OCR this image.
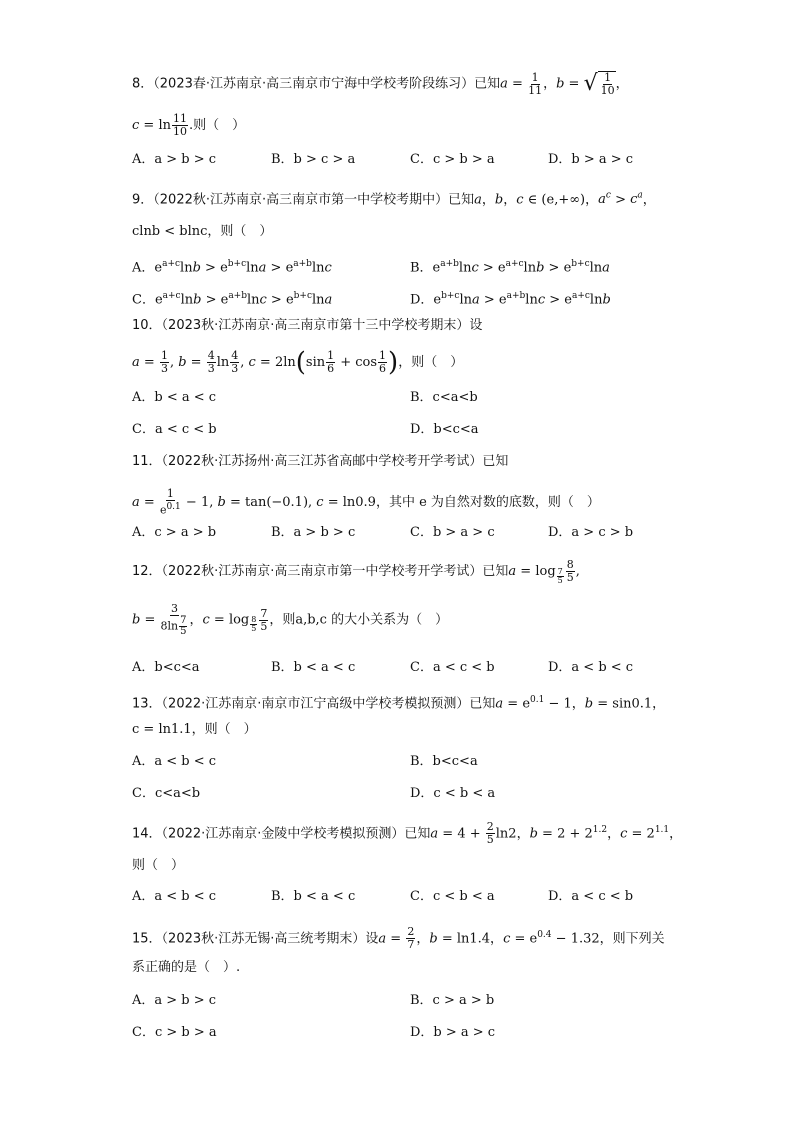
8．（2023春·江苏南京·高三南京市宁海中学校考阶段练习）已知$a = \frac{1}{11}$ ，b = √ $\frac{1}{10}$ ，
$c = \ln \frac{11}{10}$ .则（　）
A．a > b > c	B．b > c > a	C．c > b > a	D．b > a > c
9．（2022秋·江苏南京·高三南京市第一中学校考期中）已知a，b，c ∈ (e,+∞)，$a^c > c^a$，
clnb < blnc，则（　）
A．$e^{a+c}\ln b > e^{b+c}\ln a > e^{a+b}\ln c$	B．$e^{a+b}\ln c > e^{a+c}\ln b > e^{b+c}\ln a$
C．$e^{a+c}\ln b > e^{a+b}\ln c > e^{b+c}\ln a$	D．$e^{b+c}\ln a > e^{a+b}\ln c > e^{a+c}\ln b$
10．（2023秋·江苏南京·高三南京市第十三中学校考期末）设
$a = \frac{1}{3}$ , $b = \frac{4}{3}$ $\ln \frac{4}{3}$ , $c = 2\ln(\sin \frac{1}{6} + \cos \frac{1}{6}$ )，则（　）
A．b < a < c	B．c<a<b
C．a < c < b	D．b<c<a
11．（2022秋·江苏扬州·高三江苏省高邮中学校考开学考试）已知
$a = \frac{1}{e^{0.1}} - 1$, b = tan(−0.1), c = ln0.9，其中 e 为自然对数的底数，则（　）
A．c > a > b	B．a > b > c	C．b > a > c	D．a > c > b
12．（2022秋·江苏南京·高三南京市第一中学校考开学考试）已知$a = \log _{\frac{7}{5}} \frac{8}{5}$ ,
$b = \frac{3}{8\ln \frac{7}{5}}$ ，$c = \log _{\frac{8}{5}} \frac{7}{5}$ ，则a,b,c 的大小关系为（　）
A．b<c<a	B．b < a < c	C．a < c < b	D．a < b < c
13．（2022·江苏南京·南京市江宁高级中学校考模拟预测）已知$a = e^{0.1} - 1$，b = sin0.1，
c = ln1.1，则（　）
A．a < b < c	B．b<c<a
C．c<a<b	D．c < b < a
14．（2022·江苏南京·金陵中学校考模拟预测）已知$a = 4 + \frac{2}{5} \ln 2$，$b = 2 + 2^{1.2}$，$c = 2^{1.1}$，
则（　）
A．a < b < c	B．b < a < c	C．c < b < a	D．a < c < b
15．（2023秋·江苏无锡·高三统考期末）设$a = \frac{2}{7}$ ，b = ln1.4，$c = e^{0.4} - 1.32$，则下列关
系正确的是（　）.
A．a > b > c	B．c > a > b
C．c > b > a	D．b > a > c
